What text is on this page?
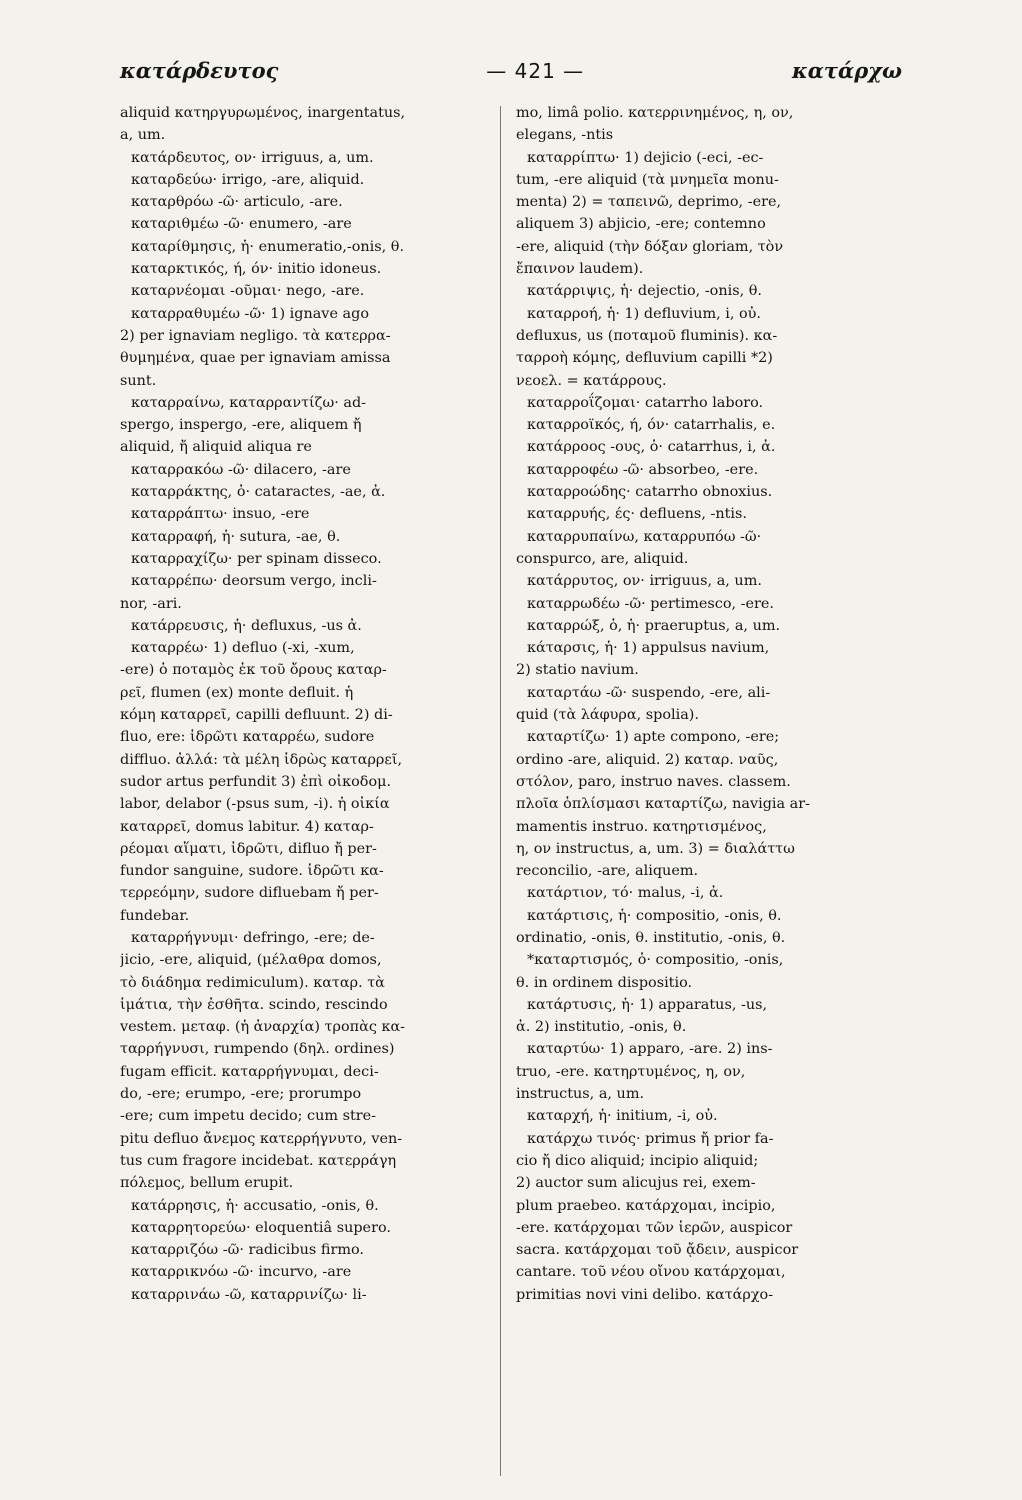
κατάρδευτος	— 421 —	κατάρχω
aliquid κατηργυρωμένος, inargentatus,
a, um.
κατάρδευτος, ον· irriguus, a, um.
καταρδεύω· irrigo, -are, aliquid.
καταρθρόω -ῶ· articulo, -are.
καταριθμέω -ῶ· enumero, -are
καταρίθμησις, ἡ· enumeratio,-onis, θ.
καταρκτικός, ή, όν· initio idoneus.
καταρνέομαι -οῦμαι· nego, -are.
καταρραθυμέω -ῶ· 1) ignave ago
2) per ignaviam negligo. τὰ κατερρα-
θυμημένα, quae per ignaviam amissa
sunt.
καταρραίνω, καταρραντίζω· ad-
spergo, inspergo, -ere, aliquem ἤ
aliquid, ἤ aliquid aliqua re
καταρρακόω -ῶ· dilacero, -are
καταρράκτης, ὁ· cataractes, -ae, ἀ.
καταρράπτω· insuo, -ere
καταρραφή, ἡ· sutura, -ae, θ.
καταρραχίζω· per spinam disseco.
καταρρέπω· deorsum vergo, incli-
nor, -ari.
κατάρρευσις, ἡ· defluxus, -us ἀ.
καταρρέω· 1) defluo (-xi, -xum,
-ere) ὁ ποταμὸς ἐκ τοῦ ὄρους καταρ-
ρεῖ, flumen (ex) monte defluit. ἡ
κόμη καταρρεῖ, capilli defluunt. 2) di-
fluo, ere: ἱδρῶτι καταρρέω, sudore
diffluo. ἀλλά: τὰ μέλη ἱδρὼς καταρρεῖ,
sudor artus perfundit 3) ἐπὶ οἰκοδομ.
labor, delabor (-psus sum, -i). ἡ οἰκία
καταρρεῖ, domus labitur. 4) καταρ-
ρέομαι αἵματι, ἱδρῶτι, difluo ἤ per-
fundor sanguine, sudore. ἱδρῶτι κα-
τερρεόμην, sudore difluebam ἤ per-
fundebar.
καταρρήγνυμι· defringo, -ere; de-
jicio, -ere, aliquid, (μέλαθρα domos,
τὸ διάδημα redimiculum). καταρ. τὰ
ἱμάτια, τὴν ἐσθῆτα. scindo, rescindo
vestem. μεταφ. (ἡ ἀναρχία) τροπὰς κα-
ταρρήγνυσι, rumpendo (δηλ. ordines)
fugam efficit. καταρρήγνυμαι, deci-
do, -ere; erumpo, -ere; prorumpo
-ere; cum impetu decido; cum stre-
pitu defluo ἄνεμος κατερρήγνυτο, ven-
tus cum fragore incidebat. κατερράγη
πόλεμος, bellum erupit.
κατάρρησις, ἡ· accusatio, -onis, θ.
καταρρητορεύω· eloquentiâ supero.
καταρριζόω -ῶ· radicibus firmo.
καταρρικνόω -ῶ· incurvo, -are
καταρρινάω -ῶ, καταρρινίζω· li-
mo, limâ polio. κατερρινημένος, η, ον,
elegans, -ntis
καταρρίπτω· 1) dejicio (-eci, -ec-
tum, -ere aliquid (τὰ μνημεῖα monu-
menta) 2) = ταπεινῶ, deprimo, -ere,
aliquem 3) abjicio, -ere; contemno
-ere, aliquid (τὴν δόξαν gloriam, τὸν
ἔπαινον laudem).
κατάρριψις, ἡ· dejectio, -onis, θ.
καταρροή, ἡ· 1) defluvium, i, οὐ.
defluxus, us (ποταμοῦ fluminis). κα-
ταρροὴ κόμης, defluvium capilli *2)
νεοελ. = κατάρρους.
καταρροΐζομαι· catarrho laboro.
καταρροϊκός, ή, όν· catarrhalis, e.
κατάρροος -ους, ὁ· catarrhus, i, ἀ.
καταρροφέω -ῶ· absorbeo, -ere.
καταρροώδης· catarrho obnoxius.
καταρρυής, ές· defluens, -ntis.
καταρρυπαίνω, καταρρυπόω -ῶ·
conspurco, are, aliquid.
κατάρρυτος, ον· irriguus, a, um.
καταρρωδέω -ῶ· pertimesco, -ere.
καταρρώξ, ὁ, ἡ· praeruptus, a, um.
κάταρσις, ἡ· 1) appulsus navium,
2) statio navium.
καταρτάω -ῶ· suspendo, -ere, ali-
quid (τὰ λάφυρα, spolia).
καταρτίζω· 1) apte compono, -ere;
ordino -are, aliquid. 2) καταρ. ναῦς,
στόλον, paro, instruo naves. classem.
πλοῖα ὁπλίσμασι καταρτίζω, navigia ar-
mamentis instruo. κατηρτισμένος,
η, ον instructus, a, um. 3) = διαλάττω
reconcilio, -are, aliquem.
κατάρτιον, τό· malus, -i, ἀ.
κατάρτισις, ἡ· compositio, -onis, θ.
ordinatio, -onis, θ. institutio, -onis, θ.
*καταρτισμός, ὁ· compositio, -onis,
θ. in ordinem dispositio.
κατάρτυσις, ἡ· 1) apparatus, -us,
ἀ. 2) institutio, -onis, θ.
καταρτύω· 1) apparo, -are. 2) ins-
truo, -ere. κατηρτυμένος, η, ον,
instructus, a, um.
καταρχή, ἡ· initium, -i, οὐ.
κατάρχω τινός· primus ἤ prior fa-
cio ἤ dico aliquid; incipio aliquid;
2) auctor sum alicujus rei, exem-
plum praebeo. κατάρχομαι, incipio,
-ere. κατάρχομαι τῶν ἱερῶν, auspicor
sacra. κατάρχομαι τοῦ ᾄδειν, auspicor
cantare. τοῦ νέου οἴνου κατάρχομαι,
primitias novi vini delibo. κατάρχο-
